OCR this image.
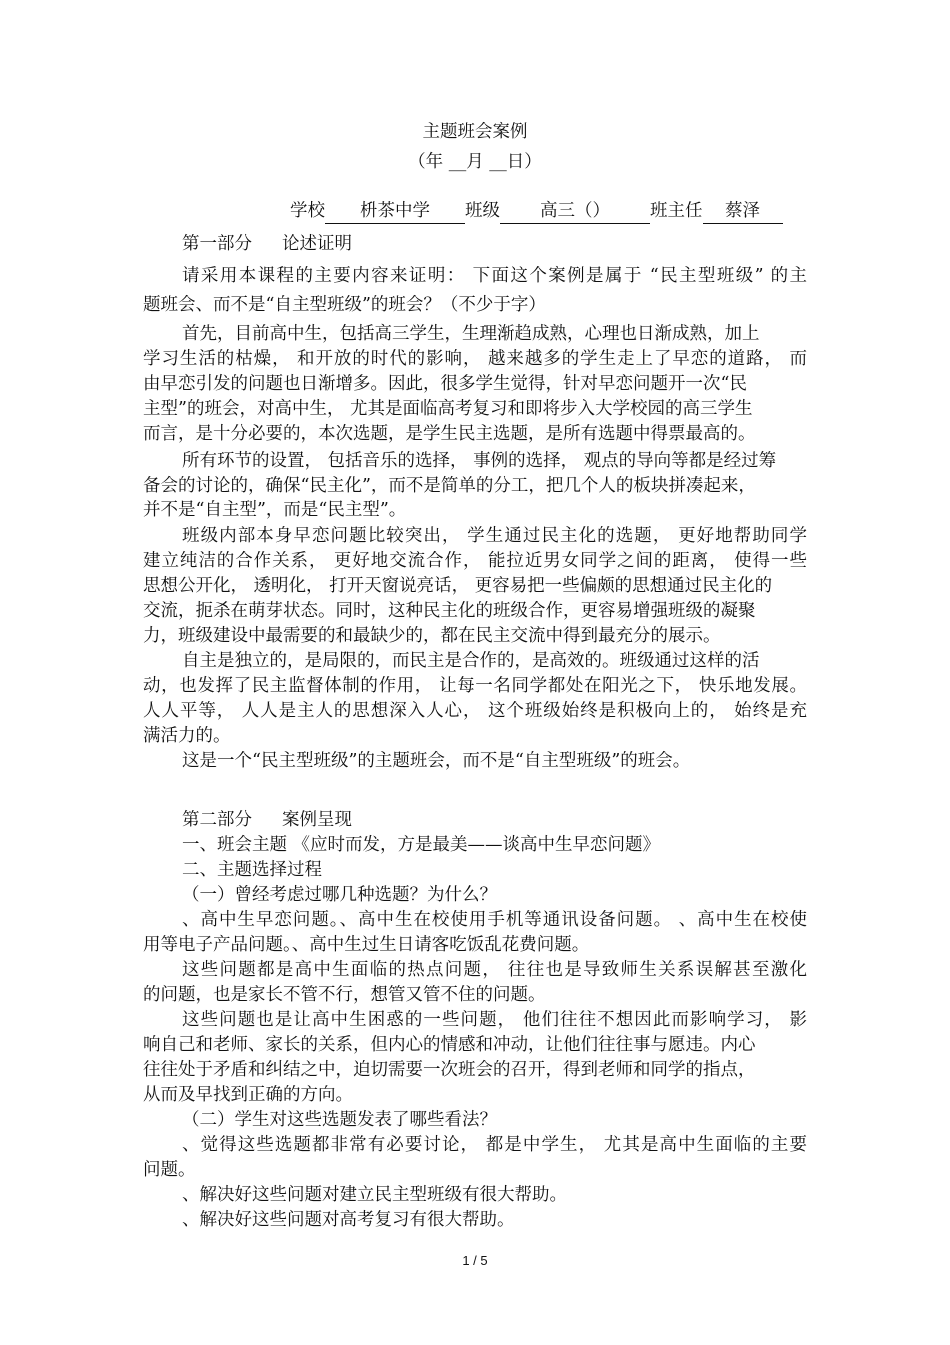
主题班会案例
（年 __月 __日）
学校 枡茶中学 班级 高三（） 班主任 蔡泽
第一部分 论述证明
请采用本课程的主要内容来证明： 下面这个案例是属于 “民主型班级” 的主
题班会、而不是“自主型班级”的班会？（不少于字）
首先，目前高中生，包括高三学生，生理渐趋成熟，心理也日渐成熟，加上
学习生活的枯燥， 和开放的时代的影响， 越来越多的学生走上了早恋的道路， 而
由早恋引发的问题也日渐增多。因此，很多学生觉得，针对早恋问题开一次“民
主型”的班会，对高中生， 尤其是面临高考复习和即将步入大学校园的高三学生
而言，是十分必要的，本次选题，是学生民主选题，是所有选题中得票最高的。
所有环节的设置， 包括音乐的选择， 事例的选择， 观点的导向等都是经过筹
备会的讨论的，确保“民主化”，而不是简单的分工，把几个人的板块拼凑起来，
并不是“自主型”，而是“民主型”。
班级内部本身早恋问题比较突出， 学生通过民主化的选题， 更好地帮助同学
建立纯洁的合作关系， 更好地交流合作， 能拉近男女同学之间的距离， 使得一些
思想公开化， 透明化， 打开天窗说亮话， 更容易把一些偏颇的思想通过民主化的
交流，扼杀在萌芽状态。同时，这种民主化的班级合作，更容易增强班级的凝聚
力，班级建设中最需要的和最缺少的，都在民主交流中得到最充分的展示。
自主是独立的，是局限的，而民主是合作的，是高效的。班级通过这样的活
动，也发挥了民主监督体制的作用， 让每一名同学都处在阳光之下， 快乐地发展。
人人平等， 人人是主人的思想深入人心， 这个班级始终是积极向上的， 始终是充
满活力的。
这是一个“民主型班级”的主题班会，而不是“自主型班级”的班会。
第二部分 案例呈现
一、班会主题 《应时而发，方是最美——谈高中生早恋问题》
二、主题选择过程
（一）曾经考虑过哪几种选题？为什么？
、高中生早恋问题。、高中生在校使用手机等通讯设备问题。 、高中生在校使
用等电子产品问题。、高中生过生日请客吃饭乱花费问题。
这些问题都是高中生面临的热点问题， 往往也是导致师生关系误解甚至激化
的问题，也是家长不管不行，想管又管不住的问题。
这些问题也是让高中生困惑的一些问题， 他们往往不想因此而影响学习， 影
响自己和老师、家长的关系，但内心的情感和冲动，让他们往往事与愿违。内心
往往处于矛盾和纠结之中，迫切需要一次班会的召开，得到老师和同学的指点，
从而及早找到正确的方向。
（二）学生对这些选题发表了哪些看法？
、觉得这些选题都非常有必要讨论， 都是中学生， 尤其是高中生面临的主要
问题。
、解决好这些问题对建立民主型班级有很大帮助。
、解决好这些问题对高考复习有很大帮助。
1 / 5
